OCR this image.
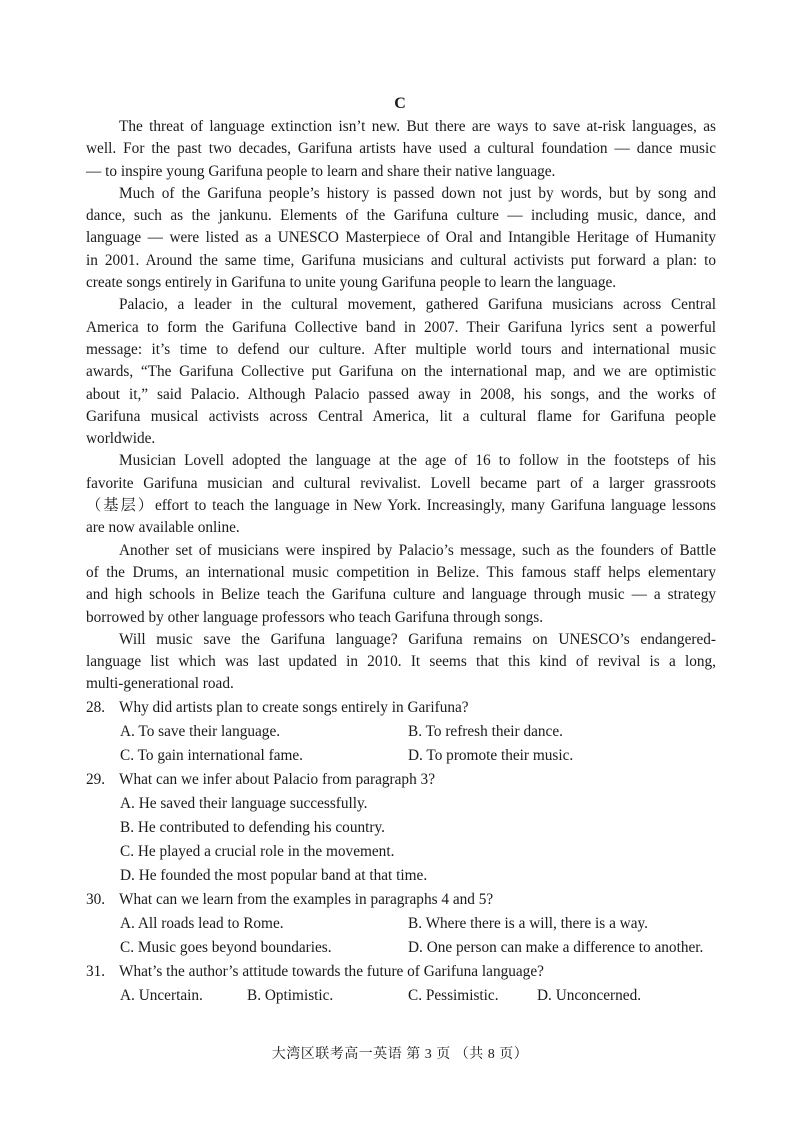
C
The threat of language extinction isn’t new. But there are ways to save at-risk languages, as
well. For the past two decades, Garifuna artists have used a cultural foundation — dance music
— to inspire young Garifuna people to learn and share their native language.
Much of the Garifuna people’s history is passed down not just by words, but by song and
dance, such as the jankunu. Elements of the Garifuna culture — including music, dance, and
language — were listed as a UNESCO Masterpiece of Oral and Intangible Heritage of Humanity
in 2001. Around the same time, Garifuna musicians and cultural activists put forward a plan: to
create songs entirely in Garifuna to unite young Garifuna people to learn the language.
Palacio, a leader in the cultural movement, gathered Garifuna musicians across Central
America to form the Garifuna Collective band in 2007. Their Garifuna lyrics sent a powerful
message: it’s time to defend our culture. After multiple world tours and international music
awards, “The Garifuna Collective put Garifuna on the international map, and we are optimistic
about it,” said Palacio. Although Palacio passed away in 2008, his songs, and the works of
Garifuna musical activists across Central America, lit a cultural flame for Garifuna people
worldwide.
Musician Lovell adopted the language at the age of 16 to follow in the footsteps of his
favorite Garifuna musician and cultural revivalist. Lovell became part of a larger grassroots
（基层）effort to teach the language in New York. Increasingly, many Garifuna language lessons
are now available online.
Another set of musicians were inspired by Palacio’s message, such as the founders of Battle
of the Drums, an international music competition in Belize. This famous staff helps elementary
and high schools in Belize teach the Garifuna culture and language through music — a strategy
borrowed by other language professors who teach Garifuna through songs.
Will music save the Garifuna language? Garifuna remains on UNESCO’s endangered-
language list which was last updated in 2010. It seems that this kind of revival is a long,
multi-generational road.
28. Why did artists plan to create songs entirely in Garifuna?
A. To save their language.	B. To refresh their dance.
C. To gain international fame.	D. To promote their music.
29. What can we infer about Palacio from paragraph 3?
A. He saved their language successfully.
B. He contributed to defending his country.
C. He played a crucial role in the movement.
D. He founded the most popular band at that time.
30. What can we learn from the examples in paragraphs 4 and 5?
A. All roads lead to Rome.	B. Where there is a will, there is a way.
C. Music goes beyond boundaries.	D. One person can make a difference to another.
31. What’s the author’s attitude towards the future of Garifuna language?
A. Uncertain.	B. Optimistic.	C. Pessimistic.	D. Unconcerned.
大湾区联考高一英语 第 3 页 （共 8 页）
